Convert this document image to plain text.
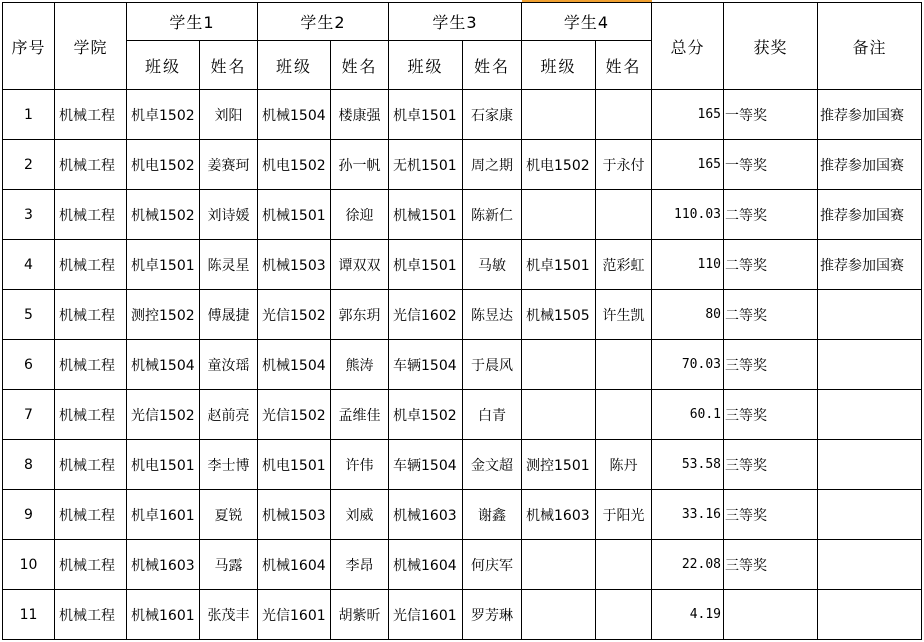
序号	学院	学生1		学生2		学生3		学生4		总分	获奖	备注
		班级	姓名	班级	姓名	班级	姓名	班级	姓名			
1	机械工程	机卓1502	刘阳	机械1504	楼康强	机卓1501	石家康			165	一等奖	推荐参加国赛
2	机械工程	机电1502	姜赛珂	机电1502	孙一帆	无机1501	周之期	机电1502	于永付	165	一等奖	推荐参加国赛
3	机械工程	机械1502	刘诗媛	机械1501	徐迎	机械1501	陈新仁			110.03	二等奖	推荐参加国赛
4	机械工程	机卓1501	陈灵星	机械1503	谭双双	机卓1501	马敏	机卓1501	范彩虹	110	二等奖	推荐参加国赛
5	机械工程	测控1502	傅晟捷	光信1502	郭东玥	光信1602	陈昱达	机械1505	许生凯	80	二等奖	
6	机械工程	机械1504	童汝瑶	机械1504	熊涛	车辆1504	于晨风			70.03	三等奖	
7	机械工程	光信1502	赵前亮	光信1502	孟维佳	机卓1502	白青			60.1	三等奖	
8	机械工程	机电1501	李士博	机电1501	许伟	车辆1504	金文超	测控1501	陈丹	53.58	三等奖	
9	机械工程	机卓1601	夏锐	机械1503	刘威	机械1603	谢鑫	机械1603	于阳光	33.16	三等奖	
10	机械工程	机械1603	马露	机械1604	李昂	机械1604	何庆军			22.08	三等奖	
11	机械工程	机械1601	张茂丰	光信1601	胡紫昕	光信1601	罗芳琳			4.19		
